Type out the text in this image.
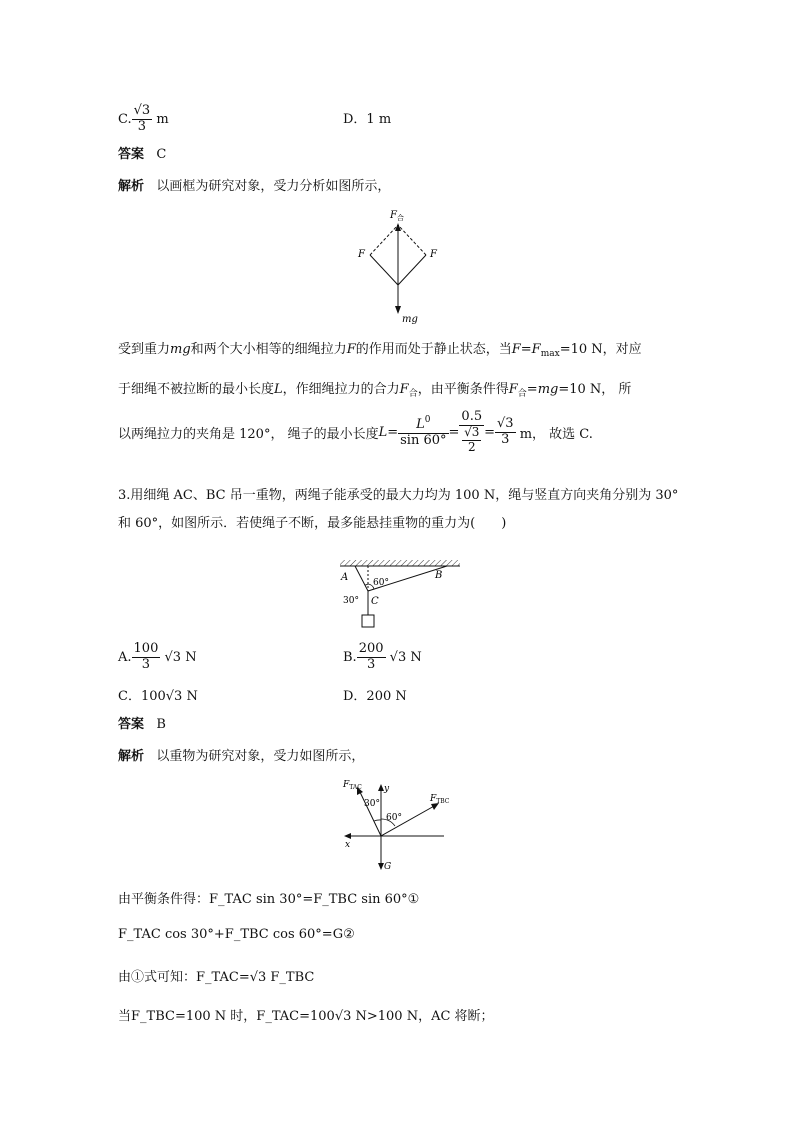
C. $\frac{√3}{3}$ m	D．1 m
答案 C
解析 以画框为研究对象，受力分析如图所示，
$F_合$
F	F
mg
受到重力mg和两个大小相等的细绳拉力F的作用而处于静止状态，当$F=F_{max}=10$ N，对应
于细绳不被拉断的最小长度L，作细绳拉力的合力$F_合$，由平衡条件得$F_合=mg=10$ N， 所
以两绳拉力的夹角是 120°， 绳子的最小长度$L= \frac{L^0}{\sin 60^\circ} = \frac{0.5}{\frac{√3}{2}} = \frac{√3}{3}$ m， 故选 C.
3.用细绳 AC、BC 吊一重物，两绳子能承受的最大力均为 100 N，绳与竖直方向夹角分别为 30°
和 60°，如图所示．若使绳子不断，最多能悬挂重物的重力为(　　)
A	B
C
60°
30°
A. $\frac{100}{3} √3$ N	B. $\frac{200}{3} √3$ N
C．100√3 N	D．200 N
答案 B
解析 以重物为研究对象，受力如图所示，
$F_{TAC}$
$F_{TBC}$
y
x
G
30°
60°
由平衡条件得：F_TAC sin 30°=F_TBC sin 60°①
F_TAC cos 30°+F_TBC cos 60°=G②
由①式可知：F_TAC=√3 F_TBC
当F_TBC=100 N 时，F_TAC=100√3 N>100 N，AC 将断；
